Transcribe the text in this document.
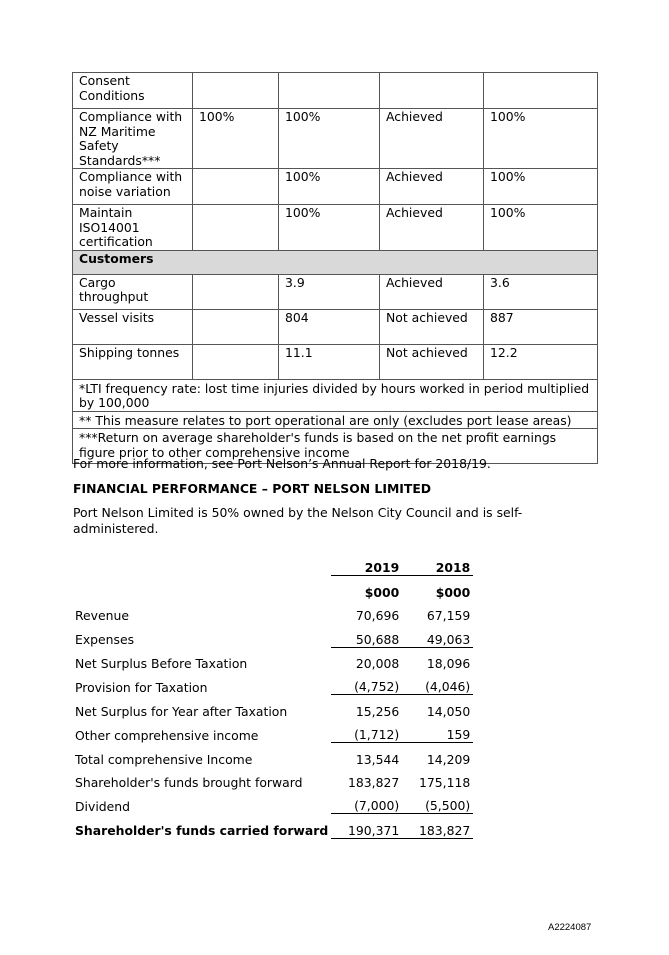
Consent Conditions				
Compliance with NZ Maritime Safety Standards***	100%	100%	Achieved	100%
Compliance with noise variation		100%	Achieved	100%
Maintain ISO14001 certification		100%	Achieved	100%
Customers				
Cargo throughput		3.9	Achieved	3.6
Vessel visits		804	Not achieved	887
Shipping tonnes		11.1	Not achieved	12.2
*LTI frequency rate: lost time injuries divided by hours worked in period multiplied by 100,000				
** This measure relates to port operational are only (excludes port lease areas)				
***Return on average shareholder's funds is based on the net profit earnings figure prior to other comprehensive income				
For more information, see Port Nelson’s Annual Report for 2018/19.
FINANCIAL PERFORMANCE – PORT NELSON LIMITED
Port Nelson Limited is 50% owned by the Nelson City Council and is self-administered.
	2019	2018
	$000	$000
Revenue	70,696	67,159
Expenses	50,688	49,063
Net Surplus Before Taxation	20,008	18,096
Provision for Taxation	(4,752)	(4,046)
Net Surplus for Year after Taxation	15,256	14,050
Other comprehensive income	(1,712)	159
Total comprehensive Income	13,544	14,209
Shareholder's funds brought forward	183,827	175,118
Dividend	(7,000)	(5,500)
Shareholder's funds carried forward	190,371	183,827
A2224087
